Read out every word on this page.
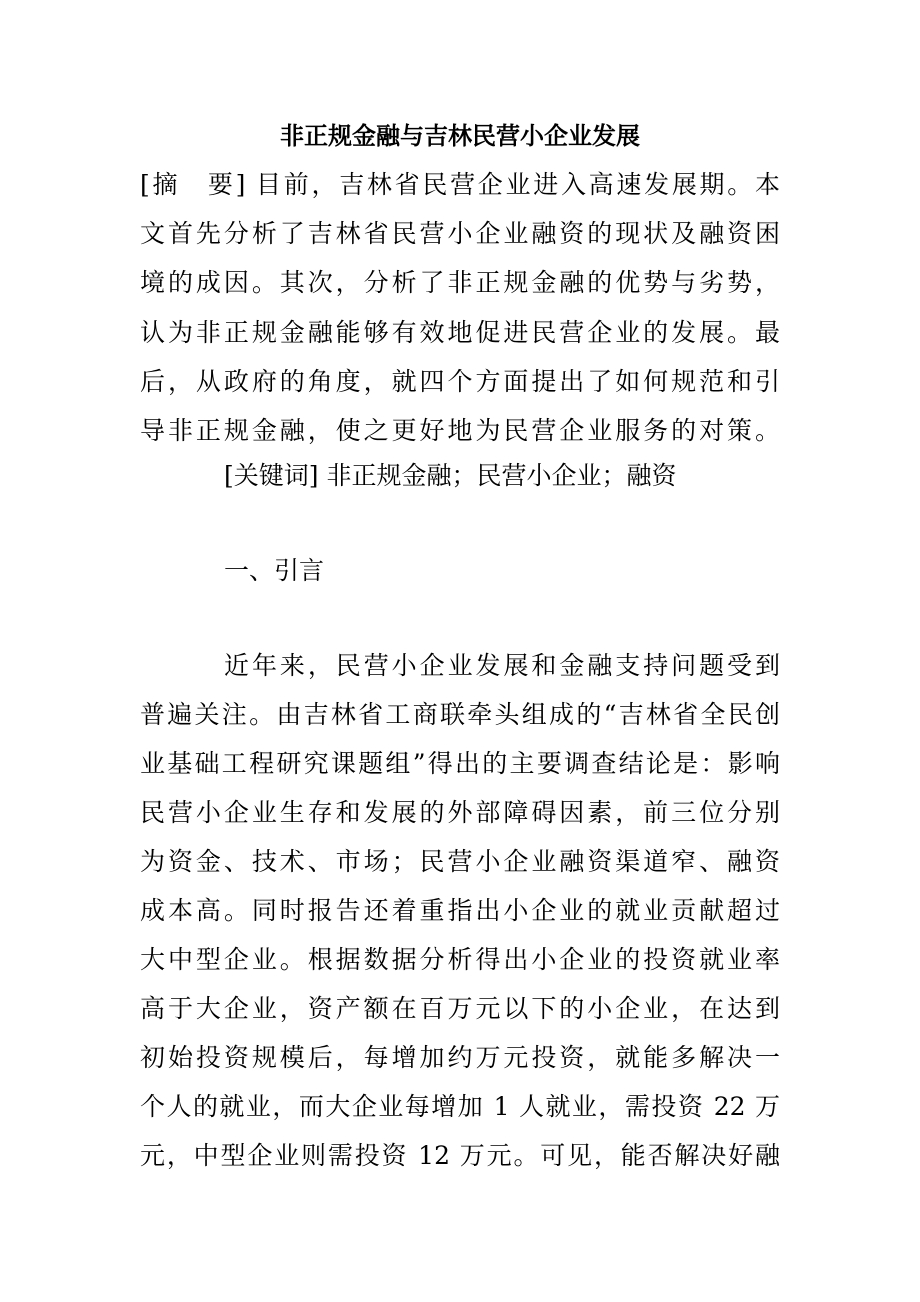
非正规金融与吉林民营小企业发展
[摘　要] 目前，吉林省民营企业进入高速发展期。本
文首先分析了吉林省民营小企业融资的现状及融资困
境的成因。其次，分析了非正规金融的优势与劣势，
认为非正规金融能够有效地促进民营企业的发展。最
后，从政府的角度，就四个方面提出了如何规范和引
导非正规金融，使之更好地为民营企业服务的对策。
[关键词] 非正规金融；民营小企业；融资
一、引言
近年来，民营小企业发展和金融支持问题受到
普遍关注。由吉林省工商联牵头组成的“吉林省全民创
业基础工程研究课题组”得出的主要调查结论是：影响
民营小企业生存和发展的外部障碍因素，前三位分别
为资金、技术、市场；民营小企业融资渠道窄、融资
成本高。同时报告还着重指出小企业的就业贡献超过
大中型企业。根据数据分析得出小企业的投资就业率
高于大企业，资产额在百万元以下的小企业，在达到
初始投资规模后，每增加约万元投资，就能多解决一
个人的就业，而大企业每增加 1 人就业，需投资 22 万
元，中型企业则需投资 12 万元。可见，能否解决好融
